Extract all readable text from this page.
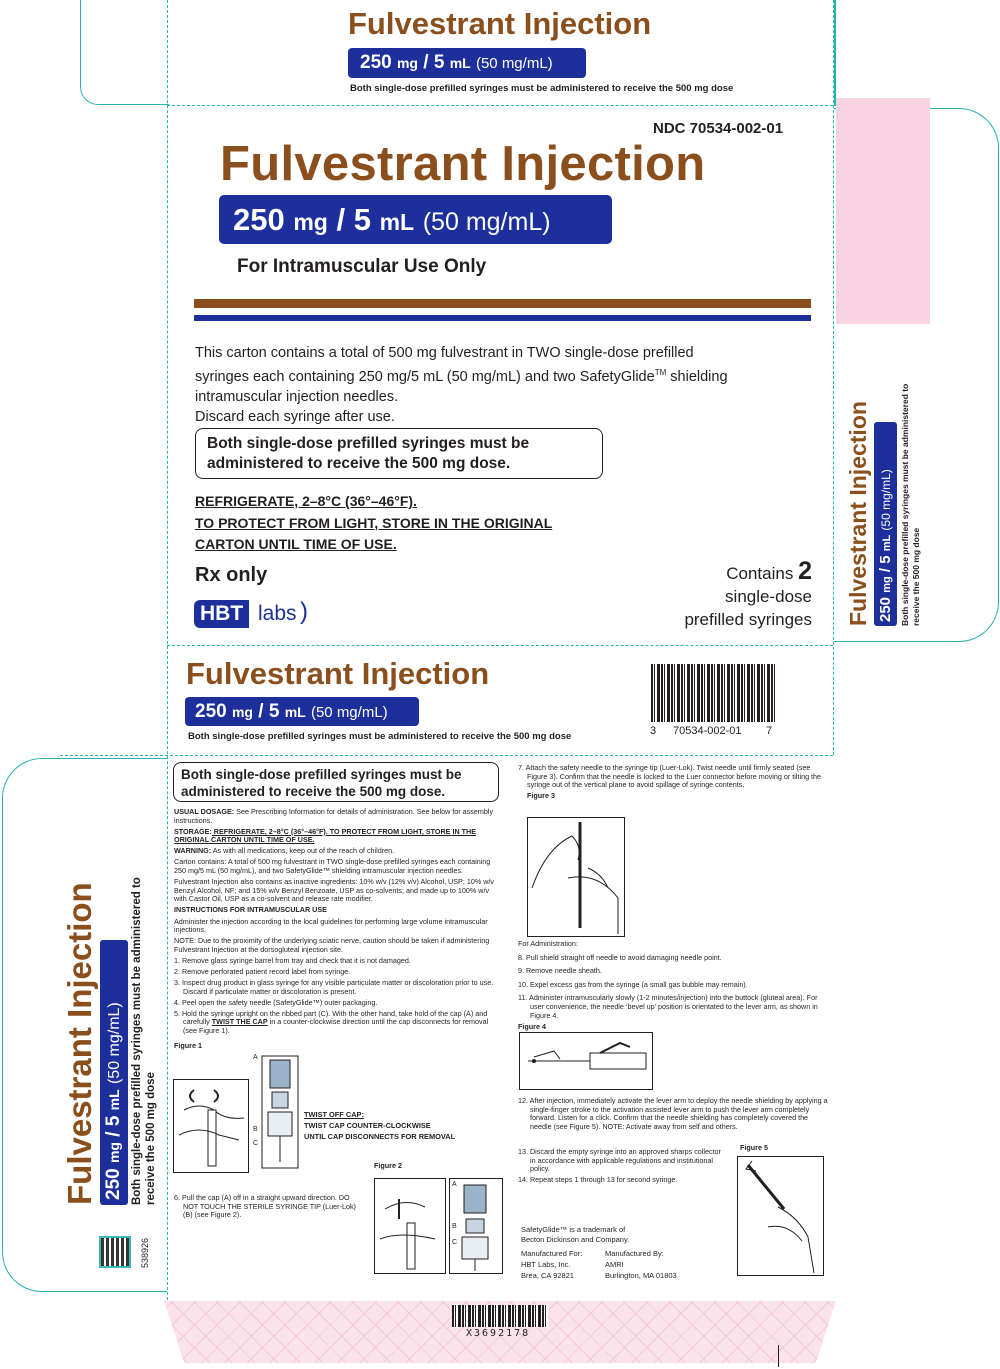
Fulvestrant Injection
250 mg / 5 mL (50 mg/mL)
Both single-dose prefilled syringes must be administered to receive the 500 mg dose
NDC 70534-002-01
Fulvestrant Injection
250 mg / 5 mL (50 mg/mL)
For Intramuscular Use Only
This carton contains a total of 500 mg fulvestrant in TWO single-dose prefilled
syringes each containing 250 mg/5 mL (50 mg/mL) and two SafetyGlide™ shielding
intramuscular injection needles.
Discard each syringe after use.
Both single-dose prefilled syringes must be
administered to receive the 500 mg dose.
REFRIGERATE, 2–8°C (36°–46°F).
TO PROTECT FROM LIGHT, STORE IN THE ORIGINAL
CARTON UNTIL TIME OF USE.
Rx only
HBT labs )
Contains 2
single-dose
prefilled syringes Fulvestrant Injection 250 mg / 5 mL (50 mg/mL) Both single-dose prefilled syringes must be administered to receive the 500 mg dose
Fulvestrant Injection
250 mg / 5 mL (50 mg/mL)
Both single-dose prefilled syringes must be administered to receive the 500 mg dose	3 70534-002-01 7
Fulvestrant Injection 250 mg / 5 mL (50 mg/mL) Both single-dose prefilled syringes must be administered to receive the 500 mg dose
538926
Both single-dose prefilled syringes must be
administered to receive the 500 mg dose.

USUAL DOSAGE: See Prescribing Information for details of administration. See below for assembly instructions.

STORAGE: REFRIGERATE, 2–8°C (36°–46°F). TO PROTECT FROM LIGHT, STORE IN THE ORIGINAL CARTON UNTIL TIME OF USE.

WARNING: As with all medications, keep out of the reach of children.

Carton contains: A total of 500 mg fulvestrant in TWO single-dose prefilled syringes each containing 250 mg/5 mL (50 mg/mL), and two SafetyGlide™ shielding intramuscular injection needles.

Fulvestrant Injection also contains as inactive ingredients: 10% w/v (12% v/v) Alcohol, USP; 10% w/v Benzyl Alcohol, NF; and 15% w/v Benzyl Benzoate, USP as co-solvents; and made up to 100% w/v with Castor Oil, USP as a co-solvent and release rate modifier.

INSTRUCTIONS FOR INTRAMUSCULAR USE

Administer the injection according to the local guidelines for performing large volume intramuscular injections.

NOTE: Due to the proximity of the underlying sciatic nerve, caution should be taken if administering Fulvestrant Injection at the dorsogluteal injection site.

1. Remove glass syringe barrel from tray and check that it is not damaged.

2. Remove perforated patient record label from syringe.

3. Inspect drug product in glass syringe for any visible particulate matter or discoloration prior to use. Discard if particulate matter or discoloration is present.

4. Peel open the safety needle (SafetyGlide™) outer packaging.

5. Hold the syringe upright on the ribbed part (C). With the other hand, take hold of the cap (A) and carefully TWIST THE CAP in a counter-clockwise direction until the cap disconnects for removal (see Figure 1).

Figure 1

A
B
C
TWIST OFF CAP:
TWIST CAP COUNTER-CLOCKWISE
UNTIL CAP DISCONNECTS FOR REMOVAL
6. Pull the cap (A) off in a straight upward direction. DO NOT TOUCH THE STERILE SYRINGE TIP (Luer-Lok) (B) (see Figure 2).
Figure 2
A
B
C

7. Attach the safety needle to the syringe tip (Luer-Lok). Twist needle until firmly seated (see Figure 3). Confirm that the needle is locked to the Luer connector before moving or tilting the syringe out of the vertical plane to avoid spillage of syringe contents.

Figure 3

For Administration:

8. Pull shield straight off needle to avoid damaging needle point.

9. Remove needle sheath.

10. Expel excess gas from the syringe (a small gas bubble may remain).

11. Administer intramuscularly slowly (1-2 minutes/injection) into the buttock (gluteal area). For user convenience, the needle ‘bevel up’ position is orientated to the lever arm, as shown in Figure 4.

Figure 4

12. After injection, immediately activate the lever arm to deploy the needle shielding by applying a single-finger stroke to the activation assisted lever arm to push the lever arm completely forward. Listen for a click. Confirm that the needle shielding has completely covered the needle (see Figure 5). NOTE: Activate away from self and others.

13. Discard the empty syringe into an approved sharps collector in accordance with applicable regulations and institutional policy.

14. Repeat steps 1 through 13 for second syringe.

Figure 5
SafetyGlide™ is a trademark of
Becton Dickinson and Company.
Manufactured For:
HBT Labs, Inc.
Brea, CA 92821
Manufactured By:
AMRI
Burlington, MA 01803
X3692178
